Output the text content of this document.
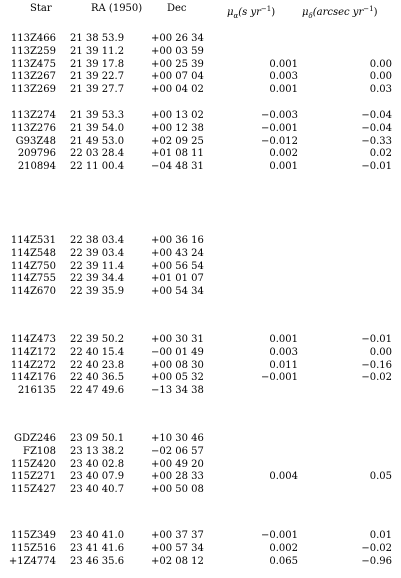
Star	RA (1950) Dec	$\mu_\alpha(s$ $yr^{-1}$)	$\mu_\delta(arcsec$ $yr^{-1}$)
113Z466 21 38 53.9	+00 26 34
113Z259 21 39 11.2	+00 03 59
113Z475 21 39 17.8	+00 25 39	0.001	0.00
113Z267 21 39 22.7	+00 07 04	0.003	0.00
113Z269 21 39 27.7	+00 04 02	0.001	0.03
113Z274 21 39 53.3	+00 13 02	−0.003	−0.04
113Z276 21 39 54.0	+00 12 38	−0.001	−0.04
G93Z48 21 49 53.0	+02 09 25	−0.012	−0.33
209796 22 03 28.4	+01 08 11	0.002	0.02
210894 22 11 00.4	−04 48 31	0.001	−0.01
114Z531 22 38 03.4	+00 36 16
114Z548 22 39 03.4	+00 43 24
114Z750 22 39 11.4	+00 56 54
114Z755 22 39 34.4	+01 01 07
114Z670 22 39 35.9	+00 54 34
114Z473 22 39 50.2	+00 30 31	0.001	−0.01
114Z172 22 40 15.4	−00 01 49	0.003	0.00
114Z272 22 40 23.8	+00 08 30	0.011	−0.16
114Z176 22 40 36.5	+00 05 32	−0.001	−0.02
216135 22 47 49.6	−13 34 38
GDZ246 23 09 50.1	+10 30 46
FZ108 23 13 38.2	−02 06 57
115Z420 23 40 02.8	+00 49 20
115Z271 23 40 07.9	+00 28 33	0.004	0.05
115Z427 23 40 40.7	+00 50 08
115Z349 23 40 41.0	+00 37 37	−0.001	0.01
115Z516 23 41 41.6	+00 57 34	0.002	−0.02
+1Z4774 23 46 35.6	+02 08 12	0.065	−0.96
